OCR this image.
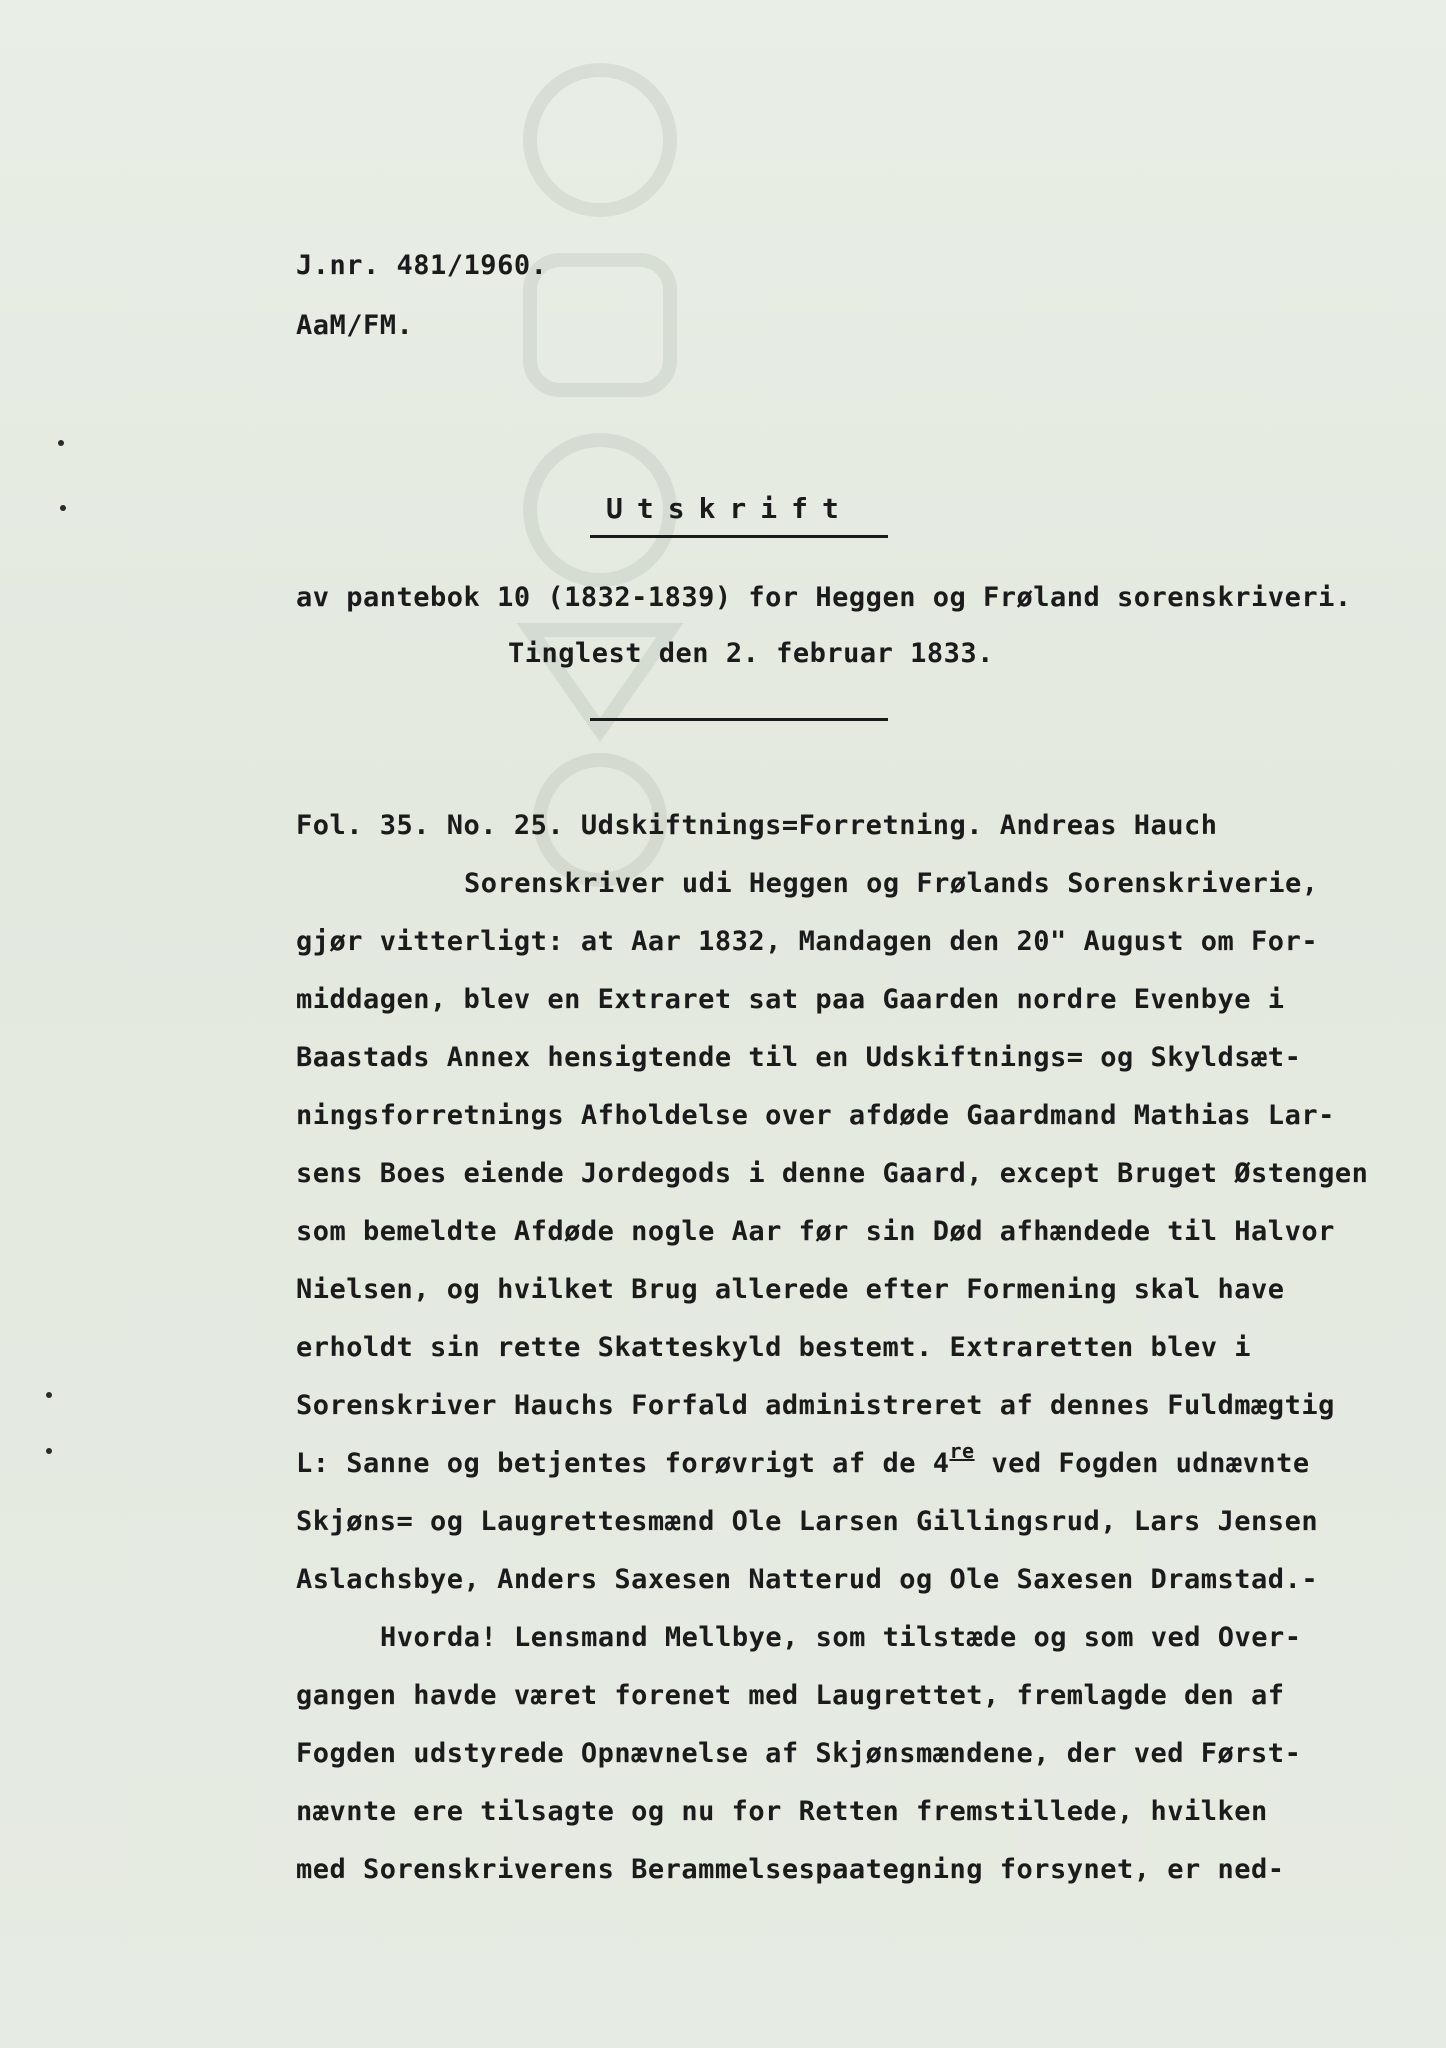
J.nr. 481/1960.
AaM/FM.
Utskrift
av pantebok 10 (1832-1839) for Heggen og Frøland sorenskriveri.
Tinglest den 2. februar 1833.
Fol. 35. No. 25. Udskiftnings=Forretning. Andreas Hauch
Sorenskriver udi Heggen og Frølands Sorenskriverie,
gjør vitterligt: at Aar 1832, Mandagen den 20" August om For-
middagen, blev en Extraret sat paa Gaarden nordre Evenbye i
Baastads Annex hensigtende til en Udskiftnings= og Skyldsæt-
ningsforretnings Afholdelse over afdøde Gaardmand Mathias Lar-
sens Boes eiende Jordegods i denne Gaard, except Bruget Østengen
som bemeldte Afdøde nogle Aar før sin Død afhændede til Halvor
Nielsen, og hvilket Brug allerede efter Formening skal have
erholdt sin rette Skatteskyld bestemt. Extraretten blev i
Sorenskriver Hauchs Forfald administreret af dennes Fuldmægtig
L: Sanne og betjentes forøvrigt af de 4re ved Fogden udnævnte
Skjøns= og Laugrettesmænd Ole Larsen Gillingsrud, Lars Jensen
Aslachsbye, Anders Saxesen Natterud og Ole Saxesen Dramstad.-
Hvorda! Lensmand Mellbye, som tilstæde og som ved Over-
gangen havde været forenet med Laugrettet, fremlagde den af
Fogden udstyrede Opnævnelse af Skjønsmændene, der ved Først-
nævnte ere tilsagte og nu for Retten fremstillede, hvilken
med Sorenskriverens Berammelsespaategning forsynet, er ned-
